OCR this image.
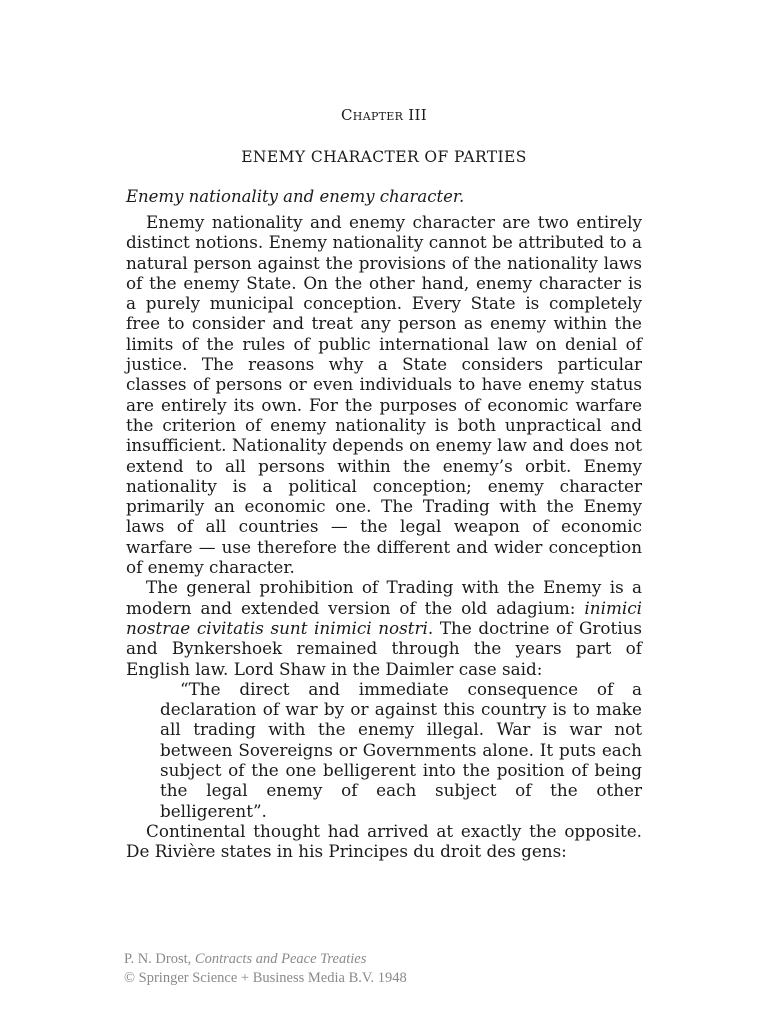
Chapter III
ENEMY CHARACTER OF PARTIES
Enemy nationality and enemy character.

Enemy nationality and enemy character are two entirely distinct notions. Enemy nationality cannot be attributed to a natural person against the provisions of the nationality laws of the enemy State. On the other hand, enemy character is a purely municipal conception. Every State is completely free to consider and treat any person as enemy within the limits of the rules of public international law on denial of justice. The reasons why a State considers particular classes of persons or even individuals to have enemy status are entirely its own. For the purposes of economic warfare the criterion of enemy nationality is both unpractical and insufficient. Nationality depends on enemy law and does not extend to all persons within the enemy’s orbit. Enemy nationality is a political conception; enemy character primarily an economic one. The Trading with the Enemy laws of all countries — the legal weapon of economic warfare — use therefore the different and wider conception of enemy character.

The general prohibition of Trading with the Enemy is a modern and extended version of the old adagium: inimici nostrae civitatis sunt inimici nostri. The doctrine of Grotius and Bynkershoek remained through the years part of English law. Lord Shaw in the Daimler case said:

“The direct and immediate consequence of a declaration of war by or against this country is to make all trading with the enemy illegal. War is war not between Sovereigns or Governments alone. It puts each subject of the one belligerent into the position of being the legal enemy of each subject of the other belligerent”.

Continental thought had arrived at exactly the opposite. De Rivière states in his Principes du droit des gens:

P. N. Drost, Contracts and Peace Treaties
© Springer Science + Business Media B.V. 1948
